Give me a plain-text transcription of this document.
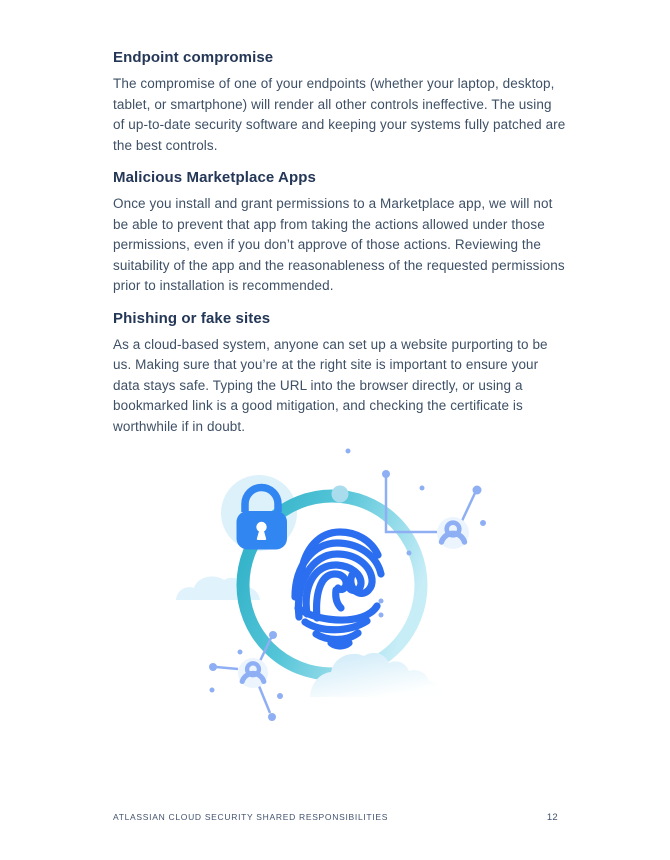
Endpoint compromise

The compromise of one of your endpoints (whether your laptop, desktop, tablet, or smartphone) will render all other controls ineffective. The using of up-to-date security software and keeping your systems fully patched are the best controls.

Malicious Marketplace Apps

Once you install and grant permissions to a Marketplace app, we will not be able to prevent that app from taking the actions allowed under those permissions, even if you don’t approve of those actions. Reviewing the suitability of the app and the reasonableness of the requested permissions prior to installation is recommended.

Phishing or fake sites

As a cloud-based system, anyone can set up a website purporting to be us. Making sure that you’re at the right site is important to ensure your data stays safe. Typing the URL into the browser directly, or using a bookmarked link is a good mitigation, and checking the certificate is worthwhile if in doubt.

ATLASSIAN CLOUD SECURITY SHARED RESPONSIBILITIES	12
